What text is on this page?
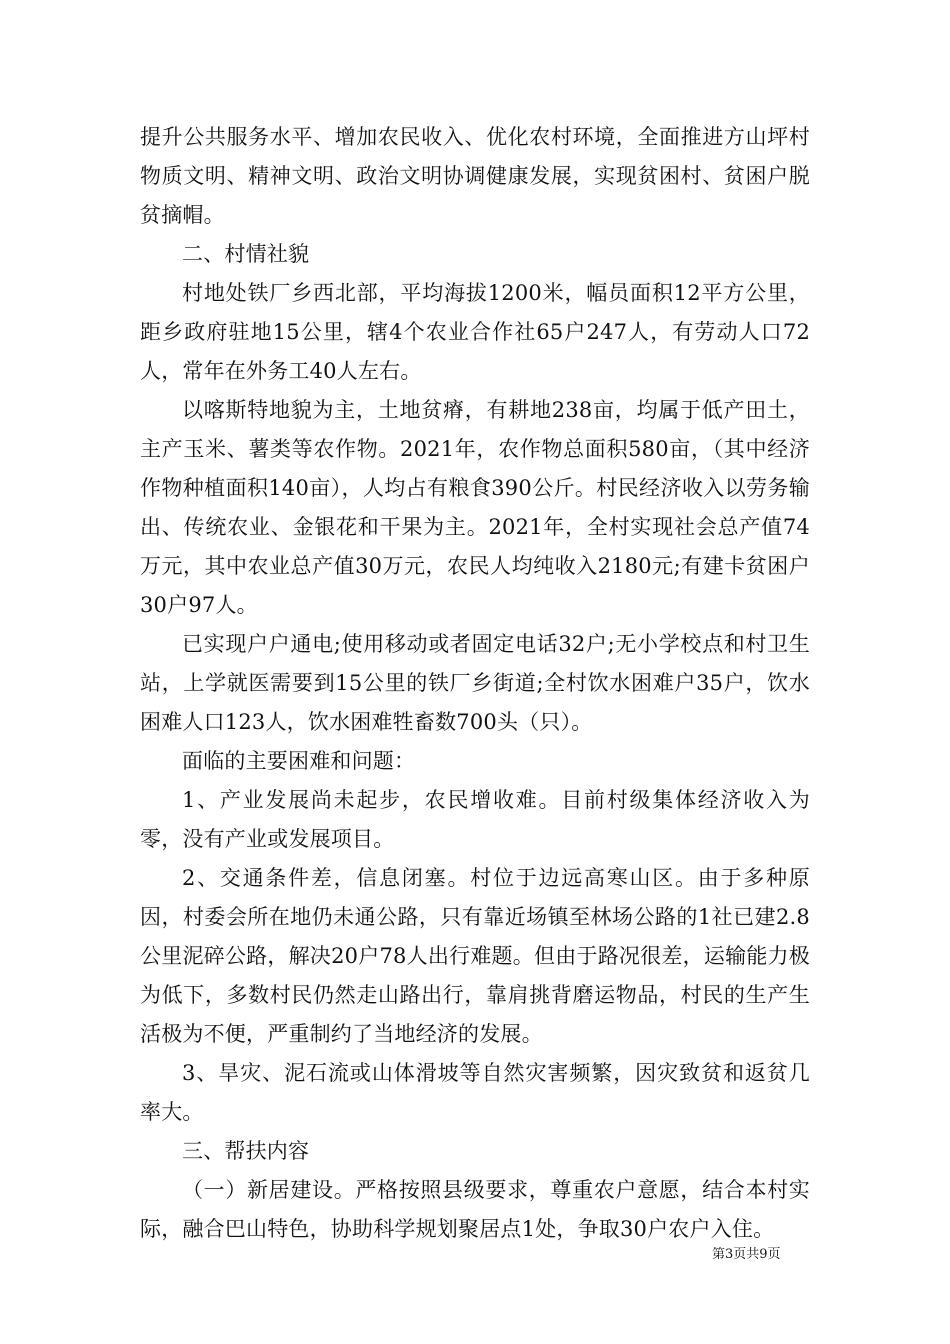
提升公共服务水平、增加农民收入、优化农村环境，全面推进方山坪村物质文明、精神文明、政治文明协调健康发展，实现贫困村、贫困户脱贫摘帽。

二、村情社貌

村地处铁厂乡西北部，平均海拔1200米，幅员面积12平方公里，距乡政府驻地15公里，辖4个农业合作社65户247人，有劳动人口72人，常年在外务工40人左右。

以喀斯特地貌为主，土地贫瘠，有耕地238亩，均属于低产田土，主产玉米、薯类等农作物。2021年，农作物总面积580亩，（其中经济作物种植面积140亩），人均占有粮食390公斤。村民经济收入以劳务输出、传统农业、金银花和干果为主。2021年，全村实现社会总产值74万元，其中农业总产值30万元，农民人均纯收入2180元;有建卡贫困户30户97人。

已实现户户通电;使用移动或者固定电话32户;无小学校点和村卫生站，上学就医需要到15公里的铁厂乡街道;全村饮水困难户35户，饮水困难人口123人，饮水困难牲畜数700头（只）。

面临的主要困难和问题：

1、产业发展尚未起步，农民增收难。目前村级集体经济收入为零，没有产业或发展项目。

2、交通条件差，信息闭塞。村位于边远高寒山区。由于多种原因，村委会所在地仍未通公路，只有靠近场镇至林场公路的1社已建2.8公里泥碎公路，解决20户78人出行难题。但由于路况很差，运输能力极为低下，多数村民仍然走山路出行，靠肩挑背磨运物品，村民的生产生活极为不便，严重制约了当地经济的发展。

3、旱灾、泥石流或山体滑坡等自然灾害频繁，因灾致贫和返贫几率大。

三、帮扶内容

（一）新居建设。严格按照县级要求，尊重农户意愿，结合本村实际，融合巴山特色，协助科学规划聚居点1处，争取30户农户入住。

第3页共9页
